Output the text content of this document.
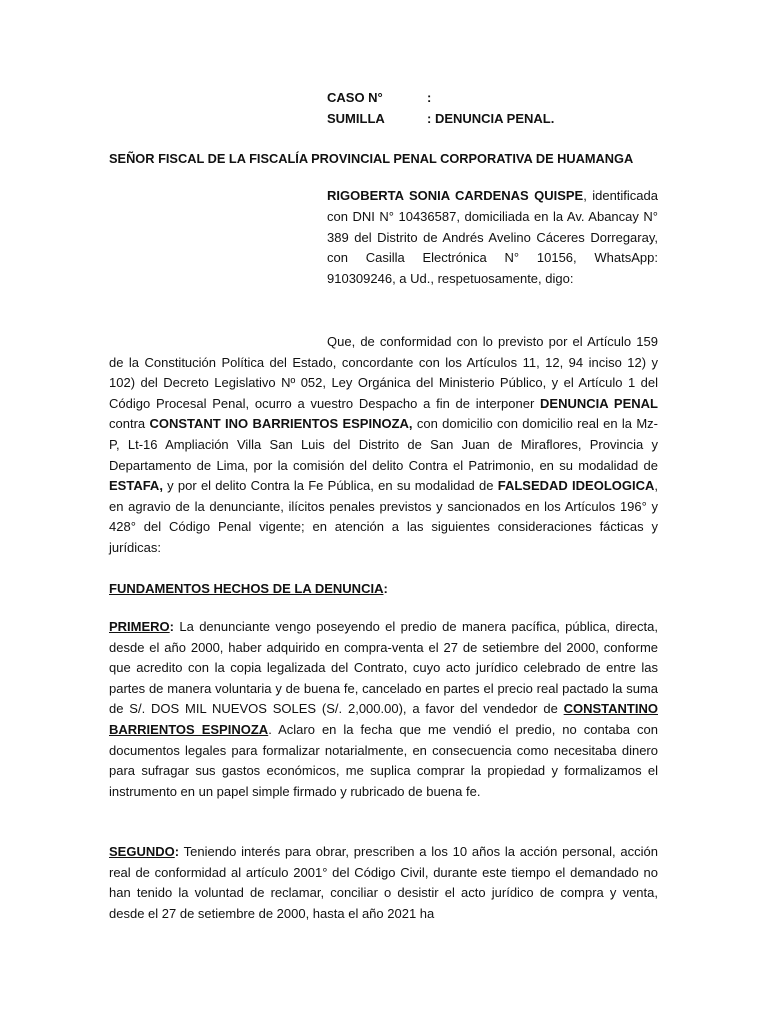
CASO N°	:
SUMILLA	: DENUNCIA PENAL.
SEÑOR FISCAL DE LA FISCALÍA PROVINCIAL PENAL CORPORATIVA DE HUAMANGA
RIGOBERTA SONIA CARDENAS QUISPE, identificada con DNI N° 10436587, domiciliada en la Av. Abancay N° 389 del Distrito de Andrés Avelino Cáceres Dorregaray, con Casilla Electrónica N° 10156, WhatsApp: 910309246, a Ud., respetuosamente, digo:
Que, de conformidad con lo previsto por el Artículo 159 de la Constitución Política del Estado, concordante con los Artículos 11, 12, 94 inciso 12) y 102) del Decreto Legislativo Nº 052, Ley Orgánica del Ministerio Público, y el Artículo 1 del Código Procesal Penal, ocurro a vuestro Despacho a fin de interponer DENUNCIA PENAL contra CONSTANT INO BARRIENTOS ESPINOZA, con domicilio con domicilio real en la Mz-P, Lt-16 Ampliación Villa San Luis del Distrito de San Juan de Miraflores, Provincia y Departamento de Lima, por la comisión del delito Contra el Patrimonio, en su modalidad de ESTAFA, y por el delito Contra la Fe Pública, en su modalidad de FALSEDAD IDEOLOGICA, en agravio de la denunciante, ilícitos penales previstos y sancionados en los Artículos 196° y 428° del Código Penal vigente; en atención a las siguientes consideraciones fácticas y jurídicas:
FUNDAMENTOS HECHOS DE LA DENUNCIA:
PRIMERO: La denunciante vengo poseyendo el predio de manera pacífica, pública, directa, desde el año 2000, haber adquirido en compra-venta el 27 de setiembre del 2000, conforme que acredito con la copia legalizada del Contrato, cuyo acto jurídico celebrado de entre las partes de manera voluntaria y de buena fe, cancelado en partes el precio real pactado la suma de S/. DOS MIL NUEVOS SOLES (S/. 2,000.00), a favor del vendedor de CONSTANTINO BARRIENTOS ESPINOZA. Aclaro en la fecha que me vendió el predio, no contaba con documentos legales para formalizar notarialmente, en consecuencia como necesitaba dinero para sufragar sus gastos económicos, me suplica comprar la propiedad y formalizamos el instrumento en un papel simple firmado y rubricado de buena fe.
SEGUNDO: Teniendo interés para obrar, prescriben a los 10 años la acción personal, acción real de conformidad al artículo 2001° del Código Civil, durante este tiempo el demandado no han tenido la voluntad de reclamar, conciliar o desistir el acto jurídico de compra y venta, desde el 27 de setiembre de 2000, hasta el año 2021 ha
